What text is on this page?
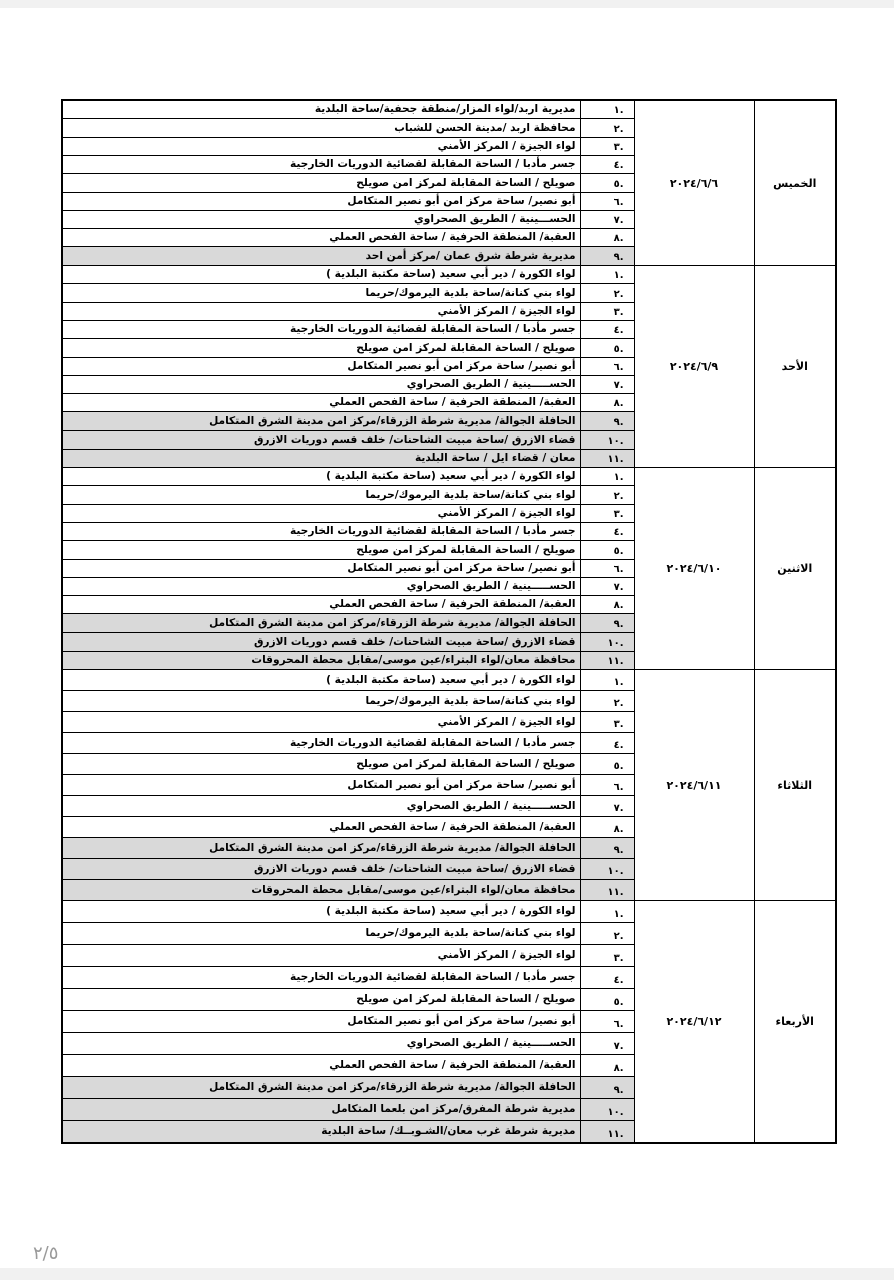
مديرية اربد/لواء المزار/منطقة جحفية/ساحة البلدية	.١	٢٠٢٤/٦/٦	الخميس
محافظة اربد /مدينة الحسن للشباب	.٢		
لواء الجيزة / المركز الأمني	.٣		
جسر مأدبا / الساحة المقابلة لقضائية الدوريات الخارجية	.٤		
صويلح / الساحة المقابلة لمركز امن صويلح	.٥		
أبو نصير/ ساحة مركز امن أبو نصير المتكامل	.٦		
الحســـينية / الطريق الصحراوي	.٧		
العقبة/ المنطقة الحرفية / ساحة الفحص العملي	.٨		
مديرية شرطة شرق عمان /مركز أمن احد	.٩		
لواء الكورة / دير أبي سعيد (ساحة مكتبة البلدية )	.١	٢٠٢٤/٦/٩	الأحد
لواء بني كنانة/ساحة بلدية اليرموك/حريما	.٢		
لواء الجيزة / المركز الأمني	.٣		
جسر مأدبا / الساحة المقابلة لقضائية الدوريات الخارجية	.٤		
صويلح / الساحة المقابلة لمركز امن صويلح	.٥		
أبو نصير/ ساحة مركز امن أبو نصير المتكامل	.٦		
الحســـــينية / الطريق الصحراوي	.٧		
العقبة/ المنطقة الحرفية / ساحة الفحص العملي	.٨		
الحافلة الجوالة/ مديرية شرطة الزرقاء/مركز امن مدينة الشرق المتكامل	.٩		
قضاء الازرق /ساحة مبيت الشاحنات/ خلف قسم دوريات الازرق	.١٠		
معان / قضاء ايل / ساحة البلدية	.١١		
لواء الكورة / دير أبي سعيد (ساحة مكتبة البلدية )	.١	٢٠٢٤/٦/١٠	الاثنين
لواء بني كنانة/ساحة بلدية اليرموك/حريما	.٢		
لواء الجيزة / المركز الأمني	.٣		
جسر مأدبا / الساحة المقابلة لقضائية الدوريات الخارجية	.٤		
صويلح / الساحة المقابلة لمركز امن صويلح	.٥		
أبو نصير/ ساحة مركز امن أبو نصير المتكامل	.٦		
الحســـــينية / الطريق الصحراوي	.٧		
العقبة/ المنطقة الحرفية / ساحة الفحص العملي	.٨		
الحافلة الجوالة/ مديرية شرطة الزرقاء/مركز امن مدينة الشرق المتكامل	.٩		
قضاء الازرق /ساحة مبيت الشاحنات/ خلف قسم دوريات الازرق	.١٠		
محافظة معان/لواء البتراء/عين موسى/مقابل محطة المحروقات	.١١		
لواء الكورة / دير أبي سعيد (ساحة مكتبة البلدية )	.١	٢٠٢٤/٦/١١	الثلاثاء
لواء بني كنانة/ساحة بلدية اليرموك/حريما	.٢		
لواء الجيزة / المركز الأمني	.٣		
جسر مأدبا / الساحة المقابلة لقضائية الدوريات الخارجية	.٤		
صويلح / الساحة المقابلة لمركز امن صويلح	.٥		
أبو نصير/ ساحة مركز امن أبو نصير المتكامل	.٦		
الحســـــينية / الطريق الصحراوي	.٧		
العقبة/ المنطقة الحرفية / ساحة الفحص العملي	.٨		
الحافلة الجوالة/ مديرية شرطة الزرقاء/مركز امن مدينة الشرق المتكامل	.٩		
قضاء الازرق /ساحة مبيت الشاحنات/ خلف قسم دوريات الازرق	.١٠		
محافظة معان/لواء البتراء/عين موسى/مقابل محطة المحروقات	.١١		
لواء الكورة / دير أبي سعيد (ساحة مكتبة البلدية )	.١	٢٠٢٤/٦/١٢	الأربعاء
لواء بني كنانة/ساحة بلدية اليرموك/حريما	.٢		
لواء الجيزة / المركز الأمني	.٣		
جسر مأدبا / الساحة المقابلة لقضائية الدوريات الخارجية	.٤		
صويلح / الساحة المقابلة لمركز امن صويلح	.٥		
أبو نصير/ ساحة مركز امن أبو نصير المتكامل	.٦		
الحســـــينية / الطريق الصحراوي	.٧		
العقبة/ المنطقة الحرفية / ساحة الفحص العملي	.٨		
الحافلة الجوالة/ مديرية شرطة الزرقاء/مركز امن مدينة الشرق المتكامل	.٩		
مديرية شرطة المفرق/مركز امن بلعما المتكامل	.١٠		
مديرية شرطة غرب معان/الشـوبــك/ ساحة البلدية	.١١		
٢/٥
